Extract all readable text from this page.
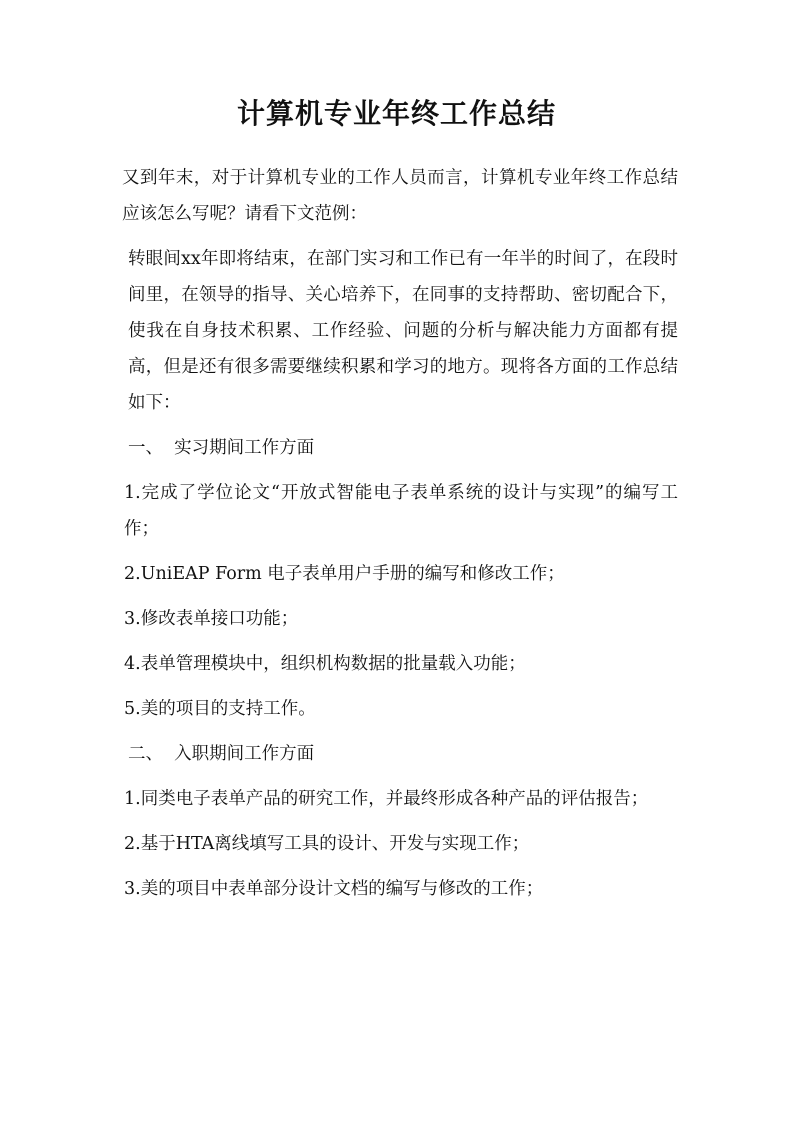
计算机专业年终工作总结

又到年末，对于计算机专业的工作人员而言，计算机专业年终工作总结应该怎么写呢？请看下文范例：

转眼间xx年即将结束，在部门实习和工作已有一年半的时间了，在段时间里，在领导的指导、关心培养下，在同事的支持帮助、密切配合下，使我在自身技术积累、工作经验、问题的分析与解决能力方面都有提高，但是还有很多需要继续积累和学习的地方。现将各方面的工作总结如下：

一、  实习期间工作方面

1.完成了学位论文“开放式智能电子表单系统的设计与实现”的编写工作；

2.UniEAP Form 电子表单用户手册的编写和修改工作；

3.修改表单接口功能；

4.表单管理模块中，组织机构数据的批量载入功能；

5.美的项目的支持工作。

二、  入职期间工作方面

1.同类电子表单产品的研究工作，并最终形成各种产品的评估报告；

2.基于HTA离线填写工具的设计、开发与实现工作；

3.美的项目中表单部分设计文档的编写与修改的工作；
